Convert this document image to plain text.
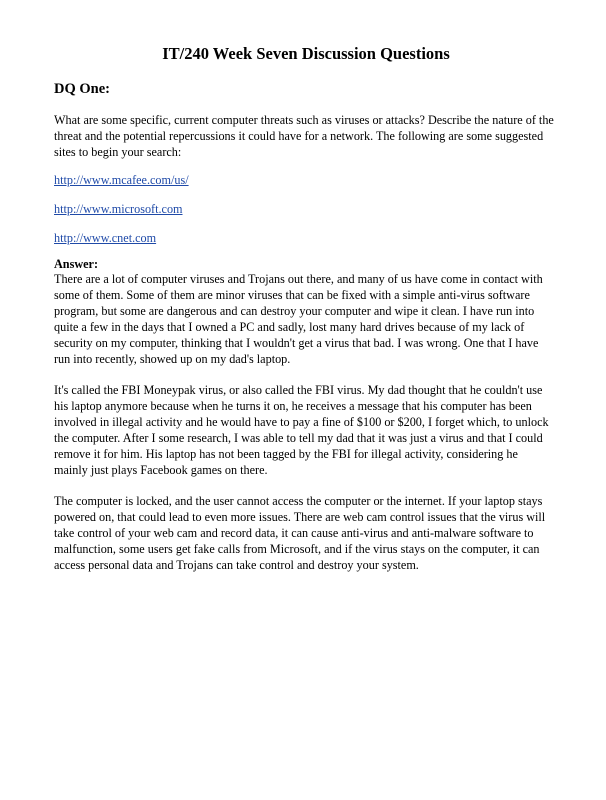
IT/240 Week Seven Discussion Questions
DQ One:

What are some specific, current computer threats such as viruses or attacks? Describe the nature of the threat and the potential repercussions it could have for a network. The following are some suggested sites to begin your search:

http://www.mcafee.com/us/
http://www.microsoft.com
http://www.cnet.com
Answer:

There are a lot of computer viruses and Trojans out there, and many of us have come in contact with some of them. Some of them are minor viruses that can be fixed with a simple anti-virus software program, but some are dangerous and can destroy your computer and wipe it clean. I have run into quite a few in the days that I owned a PC and sadly, lost many hard drives because of my lack of security on my computer, thinking that I wouldn't get a virus that bad. I was wrong. One that I have run into recently, showed up on my dad's laptop.

It's called the FBI Moneypak virus, or also called the FBI virus. My dad thought that he couldn't use his laptop anymore because when he turns it on, he receives a message that his computer has been involved in illegal activity and he would have to pay a fine of $100 or $200, I forget which, to unlock the computer. After I some research, I was able to tell my dad that it was just a virus and that I could remove it for him. His laptop has not been tagged by the FBI for illegal activity, considering he mainly just plays Facebook games on there.

The computer is locked, and the user cannot access the computer or the internet. If your laptop stays powered on, that could lead to even more issues. There are web cam control issues that the virus will take control of your web cam and record data, it can cause anti-virus and anti-malware software to malfunction, some users get fake calls from Microsoft, and if the virus stays on the computer, it can access personal data and Trojans can take control and destroy your system.
